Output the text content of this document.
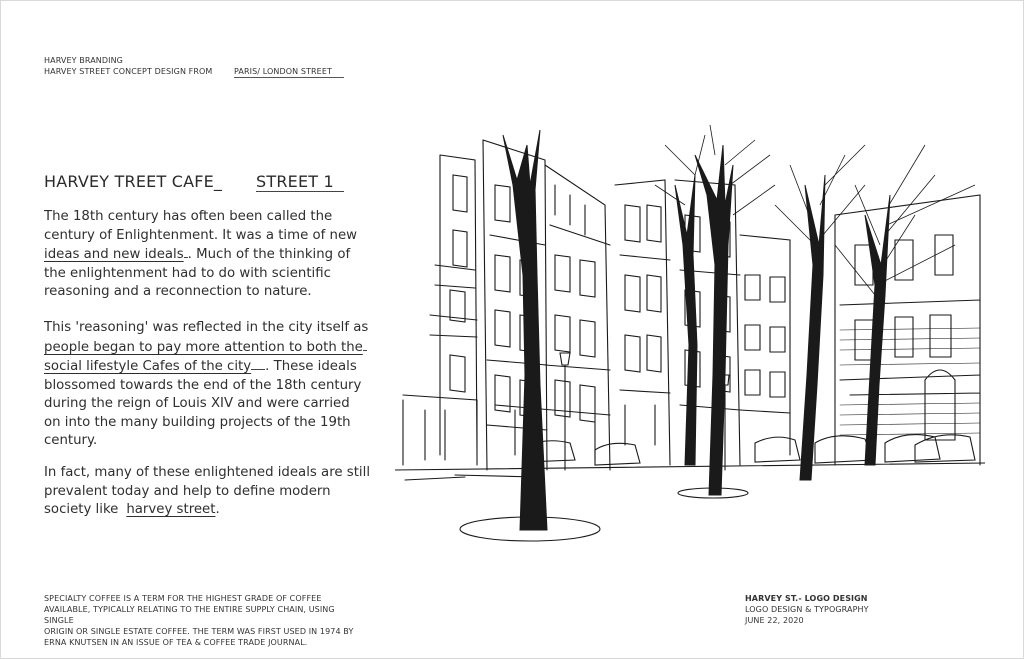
HARVEY BRANDING
HARVEY STREET CONCEPT DESIGN FROM	PARIS/ LONDON STREET
HARVEY TREET CAFE_ STREET 1
The 18th century has often been called the
century of Enlightenment. It was a time of new
ideas and new ideals . Much of the thinking of
the enlightenment had to do with scientific
reasoning and a reconnection to nature.
This 'reasoning' was reflected in the city itself as
people began to pay more attention to both the
social lifestyle Cafes of the city . These ideals
blossomed towards the end of the 18th century
during the reign of Louis XIV and were carried
on into the many building projects of the 19th
century.
In fact, many of these enlightened ideals are still
prevalent today and help to define modern
society like harvey street.
SPECIALTY COFFEE IS A TERM FOR THE HIGHEST GRADE OF COFFEE
AVAILABLE, TYPICALLY RELATING TO THE ENTIRE SUPPLY CHAIN, USING SINGLE
ORIGIN OR SINGLE ESTATE COFFEE. THE TERM WAS FIRST USED IN 1974 BY
ERNA KNUTSEN IN AN ISSUE OF TEA & COFFEE TRADE JOURNAL.
HARVEY ST.- LOGO DESIGN
LOGO DESIGN & TYPOGRAPHY
JUNE 22, 2020
